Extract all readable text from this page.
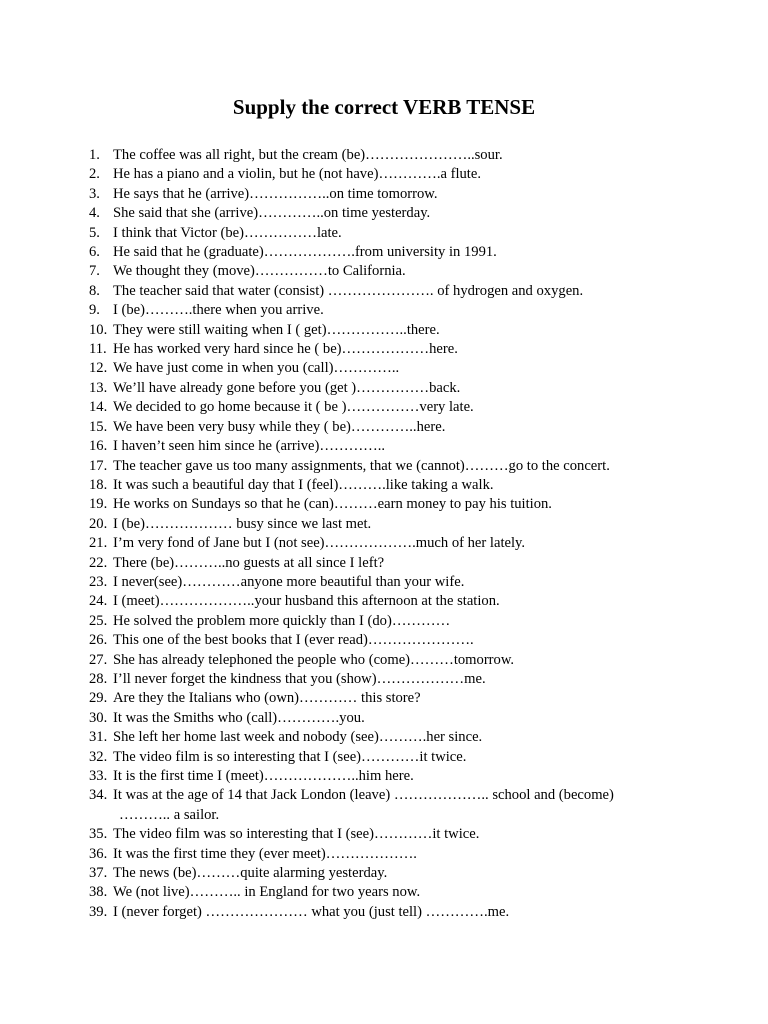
Supply the correct VERB TENSE
1. The coffee was all right, but the cream (be)…………………..sour.
2. He has a piano and a violin, but he (not have)………….a flute.
3. He says that he (arrive)……………..on time tomorrow.
4. She said that she (arrive)…………..on time yesterday.
5. I think that Victor (be)……………late.
6. He said that he (graduate)……………….from university in 1991.
7. We thought they (move)……………to California.
8. The teacher said that water (consist) …………………. of hydrogen and oxygen.
9. I (be)……….there when you arrive.
10. They were still waiting when I ( get)……………..there.
11. He has worked very hard since he ( be)………………here.
12. We have just come in when you (call)…………..
13. We’ll have already gone before you (get )……………back.
14. We decided to go home because it ( be )……………very late.
15. We have been very busy while they ( be)…………..here.
16. I haven’t seen him since he (arrive)…………..
17. The teacher gave us too many assignments, that we (cannot)………go to the concert.
18. It was such a beautiful day that I (feel)……….like taking a walk.
19. He works on Sundays so that he (can)………earn money to pay his tuition.
20. I (be)……………… busy since we last met.
21. I’m very fond of Jane but I (not see)……………….much of her lately.
22. There (be)………..no guests at all since I left?
23. I never(see)…………anyone more beautiful than your wife.
24. I (meet)………………..your husband this afternoon at the station.
25. He solved the problem more quickly than I (do)…………
26. This one of the best books that I (ever read)………………….
27. She has already telephoned the people who (come)………tomorrow.
28. I’ll never forget the kindness that you (show)………………me.
29. Are they the Italians who (own)………… this store?
30. It was the Smiths who (call)………….you.
31. She left her home last week and nobody (see)……….her since.
32. The video film is so interesting that I (see)…………it twice.
33. It is the first time I (meet)………………..him here.
34. It was at the age of 14 that Jack London (leave) ……………….. school and (become)
……….. a sailor.
35. The video film was so interesting that I (see)…………it twice.
36. It was the first time they (ever meet)……………….
37. The news (be)………quite alarming yesterday.
38. We (not live)……….. in England for two years now.
39. I (never forget) ………………… what you (just tell) ………….me.
